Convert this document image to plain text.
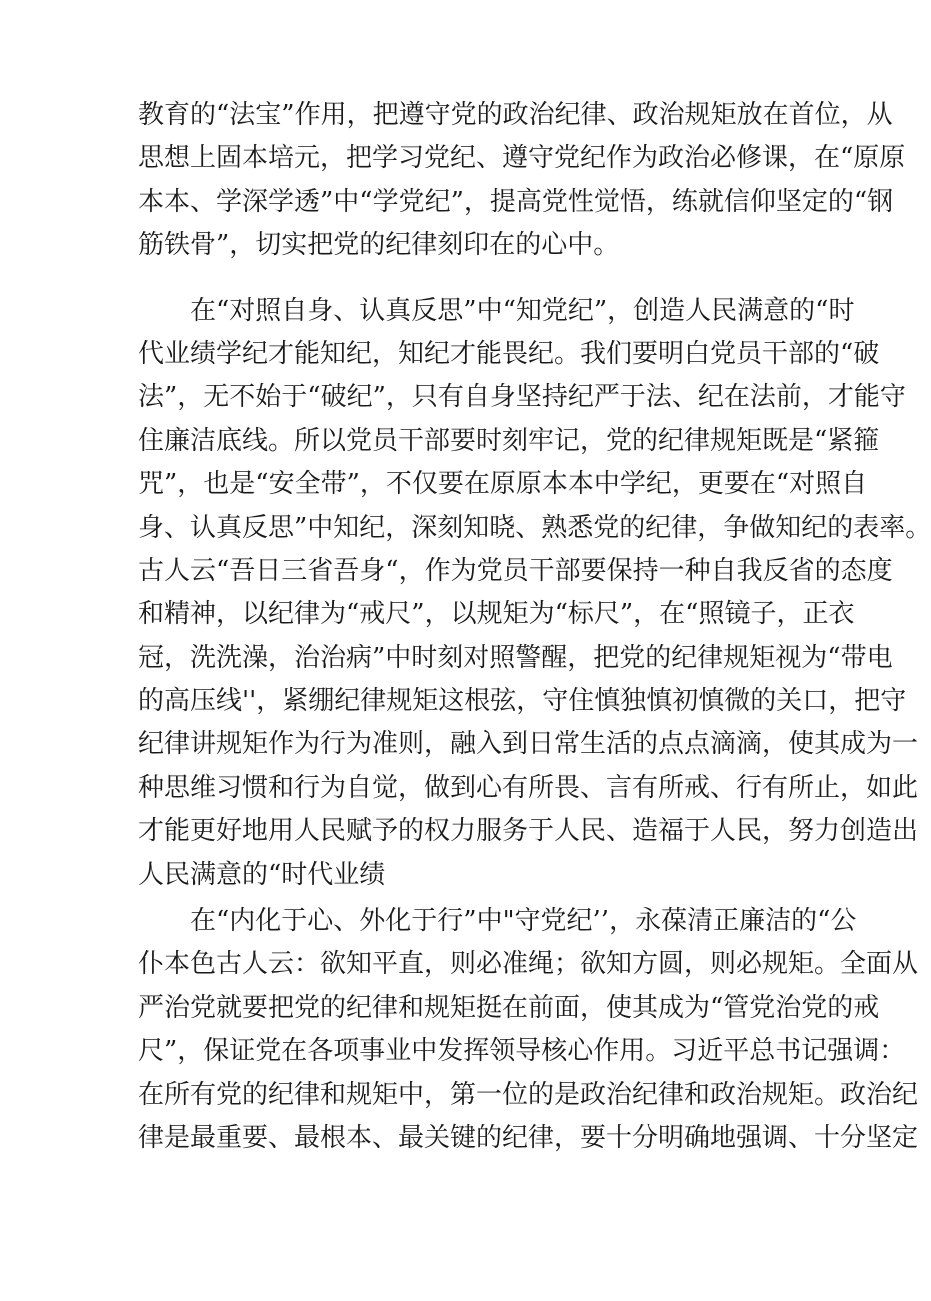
教育的“法宝”作用，把遵守党的政治纪律、政治规矩放在首位，从
思想上固本培元，把学习党纪、遵守党纪作为政治必修课，在“原原
本本、学深学透”中“学党纪”，提高党性觉悟，练就信仰坚定的“钢
筋铁骨”，切实把党的纪律刻印在的心中。
在“对照自身、认真反思”中“知党纪”，创造人民满意的“时
代业绩学纪才能知纪，知纪才能畏纪。我们要明白党员干部的“破
法”，无不始于“破纪”，只有自身坚持纪严于法、纪在法前，才能守
住廉洁底线。所以党员干部要时刻牢记，党的纪律规矩既是“紧箍
咒”，也是“安全带”，不仅要在原原本本中学纪，更要在“对照自
身、认真反思”中知纪，深刻知晓、熟悉党的纪律，争做知纪的表率。
古人云“吾日三省吾身“，作为党员干部要保持一种自我反省的态度
和精神，以纪律为“戒尺”，以规矩为“标尺”，在“照镜子，正衣
冠，洗洗澡，治治病”中时刻对照警醒，把党的纪律规矩视为“带电
的高压线''，紧绷纪律规矩这根弦，守住慎独慎初慎微的关口，把守
纪律讲规矩作为行为准则，融入到日常生活的点点滴滴，使其成为一
种思维习惯和行为自觉，做到心有所畏、言有所戒、行有所止，如此
才能更好地用人民赋予的权力服务于人民、造福于人民，努力创造出
人民满意的“时代业绩
在“内化于心、外化于行”中"守党纪’’，永葆清正廉洁的“公
仆本色古人云：欲知平直，则必准绳；欲知方圆，则必规矩。全面从
严治党就要把党的纪律和规矩挺在前面，使其成为“管党治党的戒
尺”，保证党在各项事业中发挥领导核心作用。习近平总书记强调：
在所有党的纪律和规矩中，第一位的是政治纪律和政治规矩。政治纪
律是最重要、最根本、最关键的纪律，要十分明确地强调、十分坚定
